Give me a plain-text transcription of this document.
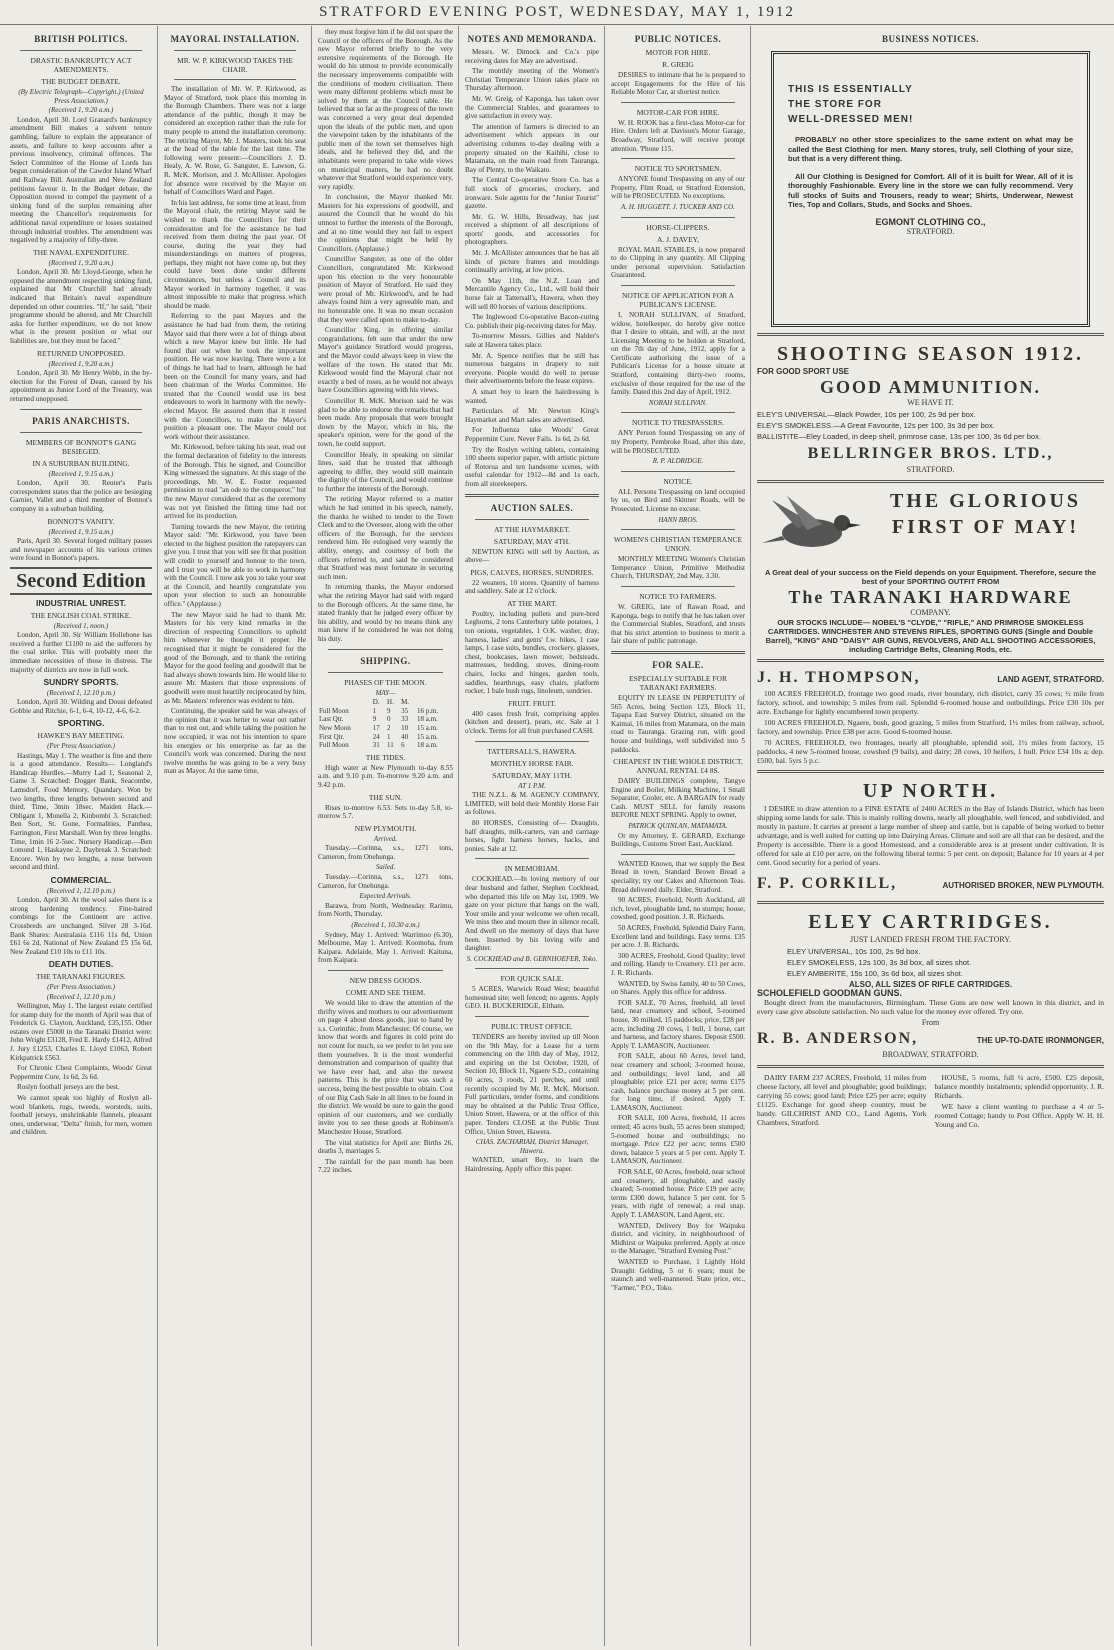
STRATFORD EVENING POST, WEDNESDAY, MAY 1, 1912
BRITISH POLITICS.
DRASTIC BANKRUPTCY ACT AMENDMENTS.
THE BUDGET DEBATE.
(By Electric Telegraph—Copyright.) (United Press Association.)
(Received 1, 9.20 a.m.)
London, April 30. Lord Granard's bankruptcy amendment Bill makes a solvent tenure gambling, failure to explain the appearance of assets, and failure to keep accounts after a previous insolvency, criminal offences. The Select Committee of the House of Lords has begun consideration of the Cawdor Island Wharf and Railway Bill. Australian and New Zealand petitions favour it. In the Budget debate, the Opposition moved to compel the payment of a sinking fund of the surplus remaining after meeting the Chancellor's requirements for additional naval expenditure or losses sustained through industrial troubles. The amendment was negatived by a majority of fifty-three.
THE NAVAL EXPENDITURE.
(Received 1, 9.20 a.m.)
London, April 30. Mr Lloyd-George, when he opposed the amendment respecting sinking fund, explained that Mr Churchill had already indicated that Britain's naval expenditure depended on other countries. "If," he said, "their programme should be altered, and Mr Churchill asks for further expenditure, we do not know what is the present position or what our liabilities are, but they must be faced."
RETURNED UNOPPOSED.
(Received 1, 9.20 a.m.)
London, April 30. Mr Henry Webb, in the by-election for the Forest of Dean, caused by his appointment as Junior Lord of the Treasury, was returned unopposed.
PARIS ANARCHISTS.
MEMBERS OF BONNOT'S GANG BESIEGED.
IN A SUBURBAN BUILDING.
(Received 1, 9.15 a.m.)
London, April 30. Reuter's Paris correspondent states that the police are besieging Garnier, Vallet and a third member of Bonnot's company in a suburban building.
BONNOT'S VANITY.
(Received 1, 9.15 a.m.)
Paris, April 30. Several forged military passes and newspaper accounts of his various crimes were found in Bonnot's papers.
Second Edition
INDUSTRIAL UNREST.
THE ENGLISH COAL STRIKE.
(Received 1, noon.)
London, April 30. Sir William Hollebone has received a further £1100 to aid the sufferers by the coal strike. This will probably meet the immediate necessities of those in distress. The majority of districts are now in full work.
SUNDRY SPORTS.
(Received 1, 12.10 p.m.)
London, April 30. Wilding and Doust defeated Gobbie and Ritchie, 6-1, 6-4, 10-12, 4-6, 6-2.
SPORTING.
HAWKE'S BAY MEETING.
(Per Press Association.)
Hastings, May 1. The weather is fine and there is a good attendance. Results— Longland's Handicap Hurdles.—Murry Lad 1, Seasonal 2, Game 3. Scratched: Dogger Bank, Seacombe, Lamsdorf, Food Memory, Quandary. Won by two lengths, three lengths between second and third. Time, 3min 18sec. Maiden Hack.—Obligant 1, Monella 2, Kinbombi 3. Scratched: Ben Sort, St. Gone, Formalities, Panthea, Farrington, First Marshall. Won by three lengths. Time, 1min 16 2-5sec. Nursery Handicap.—Ben Lomond 1, Haskayne 2, Daybreak 3. Scratched: Encore. Won by two lengths, a nose between second and third.
COMMERCIAL.
(Received 1, 12.10 p.m.)
London, April 30. At the wool sales there is a strong hardening tendency. Fine-haired combings for the Continent are active. Crossbreds are unchanged. Silver 28 3-16d. Bank Shares: Australasia £116 11s 8d, Union £61 6s 2d, National of New Zealand £5 15s 6d, New Zealand £10 10s to £11 10s.
DEATH DUTIES.
THE TARANAKI FIGURES.
(Per Press Association.)
(Received 1, 12.10 p.m.)
Wellington, May 1. The largest estate certified for stamp duty for the month of April was that of Frederick G. Clayton, Auckland, £35,155. Other estates over £5000 in the Taranaki District were: John Wright £3128, Fred E. Hardy £1412, Alfred J. Jury £1253, Charles E. Lloyd £1063, Robert Kirkpatrick £563.
For Chronic Chest Complaints, Woods' Great Peppermint Cure, 1s 6d, 2s 6d.
Roslyn football jerseys are the best.
We cannot speak too highly of Roslyn all-wool blankets, rugs, tweeds, worsteds, suits, football jerseys, unshrinkable flannels, pleasant ones, underwear, "Delta" finish, for men, women and children.
MAYORAL INSTALLATION.
MR. W. P. KIRKWOOD TAKES THE CHAIR.
The installation of Mr. W. P. Kirkwood, as Mayor of Stratford, took place this morning in the Borough Chambers. There was not a large attendance of the public, though it may be considered an exception rather than the rule for many people to attend the installation ceremony. The retiring Mayor, Mr. J. Masters, took his seat at the head of the table for the last time. The following were present:—Councillors J. D. Healy, A. W. Rose, G. Sangster, E. Lawson, G. R. McK. Morison, and J. McAllister. Apologies for absence were received by the Mayor on behalf of Councillors Ward and Paget.
In his last address, for some time at least, from the Mayoral chair, the retiring Mayor said he wished to thank the Councillors for their consideration and for the assistance he had received from them during the past year. Of course, during the year they had misunderstandings on matters of progress, perhaps, they might not have come up, but they could have been done under different circumstances, but unless a Council and its Mayor worked in harmony together, it was almost impossible to make that progress which should be made.
Referring to the past Mayors and the assistance he had had from them, the retiring Mayor said that there were a lot of things about which a new Mayor knew but little. He had found that out when he took the important position. He was now leaving. There were a lot of things he had had to learn, although he had been on the Council for many years, and had been chairman of the Works Committee. He trusted that the Council would use its best endeavours to work in harmony with the newly-elected Mayor. He assured them that it rested with the Councillors, to make the Mayor's position a pleasant one. The Mayor could not work without their assistance.
Mr. Kirkwood, before taking his seat, read out the formal declaration of fidelity to the interests of the Borough. This he signed, and Councillor King witnessed the signature. At this stage of the proceedings, Mr. W. E. Foster requested permission to read "an ode to the conqueror," but the new Mayor considered that as the ceremony was not yet finished the fitting time had not arrived for its production.
Turning towards the new Mayor, the retiring Mayor said: "Mr. Kirkwood, you have been elected to the highest position the ratepayers can give you. I trust that you will see fit that position will credit to yourself and honour to the town, and I trust you will be able to work in harmony with the Council. I now ask you to take your seat at the Council, and heartily congratulate you upon your election to such an honourable office." (Applause.)
The new Mayor said he had to thank Mr. Masters for his very kind remarks in the direction of respecting Councillors to uphold him whenever he thought it proper. He recognised that it might be considered for the good of the Borough, and to thank the retiring Mayor for the good feeling and goodwill that he had always shown towards him. He would like to assure Mr. Masters that those expressions of goodwill were most heartily reciprocated by him, as Mr. Masters' reference was evident to him.
Continuing, the speaker said he was always of the opinion that it was better to wear out rather than to rust out, and while taking the position he now occupied, it was not his intention to spare his energies or his enterprise as far as the Council's work was concerned. During the next twelve months he was going to be a very busy man as Mayor. At the same time,
they must forgive him if he did not spare the Council or the officers of the Borough. As the new Mayor referred briefly to the very extensive requirements of the Borough. He would do his utmost to provide economically the necessary improvements compatible with the conditions of modern civilisation. There were many different problems which must be solved by them at the Council table. He believed that so far as the progress of the town was concerned a very great deal depended upon the ideals of the public men, and upon the viewpoint taken by the inhabitants of the public men of the town set themselves high ideals, and he believed they did, and the inhabitants were prepared to take wide views on municipal matters, he had no doubt whatever that Stratford would experience very, very rapidly.
In conclusion, the Mayor thanked Mr. Masters for his expressions of goodwill, and assured the Council that he would do his utmost to further the interests of the Borough, and at no time would they not fail to expect the opinions that might be held by Councillors. (Applause.)
Councillor Sangster, as one of the older Councillors, congratulated Mr. Kirkwood upon his election to the very honourable position of Mayor of Stratford. He said they were proud of Mr. Kirkwood's, and he had always found him a very agreeable man, and no honourable one. It was no mean occasion that they were called upon to make to-day.
Councillor King, in offering similar congratulations, felt sure that under the new Mayor's guidance Stratford would progress, and the Mayor could always keep in view the welfare of the town. He stated that Mr. Kirkwood would find the Mayoral chair not exactly a bed of roses, as he would not always have Councillors agreeing with his views.
Councillor R. McK. Morison said he was glad to be able to endorse the remarks that had been made. Any proposals that were brought down by the Mayor, which in his, the speaker's opinion, were for the good of the town, he could support.
Councillor Healy, in speaking on similar lines, said that he trusted that although agreeing to differ, they would still maintain the dignity of the Council, and would continue to further the interests of the Borough.
The retiring Mayor referred to a matter which he had omitted in his speech, namely, the thanks he wished to tender to the Town Clerk and to the Overseer, along with the other officers of the Borough, for the services rendered him. He eulogised very warmly the ability, energy, and courtesy of both the officers referred to, and said he considered that Stratford was most fortunate in securing such men.
In returning thanks, the Mayor endorsed what the retiring Mayor had said with regard to the Borough officers. At the same time, he stated frankly that he judged every officer by his ability, and would by no means think any man knew if he considered he was not doing his duty.
SHIPPING.
PHASES OF THE MOON.
MAY—
	D.	H.	M.	
Full Moon	1	9	35	16 p.m.
Last Qtr.	9	0	33	18 a.m.
New Moon	17	2	10	15 a.m.
First Qtr.	24	1	40	15 a.m.
Full Moon	31	11	6	18 a.m.
THE TIDES.
High water at New Plymouth to-day 8.55 a.m. and 9.10 p.m. To-morrow 9.20 a.m. and 9.42 p.m.
THE SUN.
Rises to-morrow 6.53. Sets to-day 5.8, to-morrow 5.7.
NEW PLYMOUTH.
Arrived.
Tuesday.—Corinna, s.s., 1271 tons, Cameron, from Onehunga.
Sailed.
Tuesday.—Corinna, s.s., 1271 tons, Cameron, for Onehunga.
Expected Arrivals.
Barawa, from North, Wednesday. Rarimu, from North, Thursday.
(Received 1, 10.30 a.m.)
Sydney, May 1. Arrived: Warrimoo (6.30), Melbourne, May 1. Arrived: Koomoba, from Kaipara. Adelaide, May 1. Arrived: Kaituna, from Kaipara.
NEW DRESS GOODS.
COME AND SEE THEM.
We would like to draw the attention of the thrifty wives and mothers to our advertisement on page 4 about dress goods, just to hand by s.s. Corinthic, from Manchester. Of course, we know that words and figures in cold print do not count for much, so we prefer to let you see them yourselves. It is the most wonderful demonstration and comparison of quality that we have ever had, and also the newest patterns. This is the price that was such a success, being the best possible to obtain. Cost of our Big Cash Sale in all lines to be found in the district. We would be sure to gain the good opinion of our customers, and we cordially invite you to see these goods at Robinson's Manchester House, Stratford.
The vital statistics for April are: Births 26, deaths 3, marriages 5.
The rainfall for the past month has been 7.22 inches.
NOTES AND MEMORANDA.
Messrs. W. Dimock and Co.'s pipe receiving dates for May are advertised.
The monthly meeting of the Women's Christian Temperance Union takes place on Thursday afternoon.
Mr. W. Greig, of Kaponga, has taken over the Commercial Stables, and guarantees to give satisfaction in every way.
The attention of farmers is directed to an advertisement which appears in our advertising columns to-day dealing with a property situated on the Kaihihi, close to Matamata, on the main road from Tauranga, Bay of Plenty, to the Waikato.
The Central Co-operative Store Co. has a full stock of groceries, crockery, and ironware. Sole agents for the "Junior Tourist" gazette.
Mr. G. W. Hills, Broadway, has just received a shipment of all descriptions of sports' goods, and accessories for photographers.
Mr. J. McAllister announces that he has all kinds of picture frames and mouldings continually arriving, at low prices.
On May 11th, the N.Z. Loan and Mercantile Agency Co., Ltd., will hold their horse fair at Tattersall's, Hawera, when they will sell 80 horses of various descriptions.
The Inglewood Co-operative Bacon-curing Co. publish their pig-receiving dates for May.
To-morrow Messrs. Gillies and Nalder's sale at Hawera takes place.
Mr. A. Spence notifies that he still has numerous bargains in drapery to suit everyone. People would do well to peruse their advertisements before the lease expires.
A smart boy to learn the hairdressing is wanted.
Particulars of Mr. Newton King's Haymarket and Mart sales are advertised.
For Influenza take Woods' Great Peppermint Cure. Never Fails. 1s 6d, 2s 6d.
Try the Roslyn writing tablets, containing 100 sheets superior paper, with artistic picture of Rotorua and ten handsome scenes, with useful calendar for 1912—8d and 1s each, from all storekeepers.
AUCTION SALES.
AT THE HAYMARKET.
SATURDAY, MAY 4TH.
NEWTON KING will sell by Auction, as above—
PIGS, CALVES, HORSES, SUNDRIES.
22 weaners, 10 stores. Quantity of harness and saddlery. Sale at 12 o'clock.
AT THE MART.
Poultry, including pullets and pure-bred Leghorns, 2 tons Canterbury table potatoes, 1 ton onions, vegetables, 1 O.K. washer, dray, harness, ladies' and gents' f.w. bikes, 1 case lamps, 1 case suits, bundles, crockery, glasses, chest, bookcases, lawn mower, bedsteads, mattresses, bedding, stoves, dining-room chairs, locks and hinges, garden tools, saddles, hearthrugs, easy chairs, platform rocker, 1 bale bush rugs, linoleum, sundries.
FRUIT. FRUIT.
400 cases fresh fruit, comprising apples (kitchen and dessert), pears, etc. Sale at 1 o'clock. Terms for all fruit purchased CASH.
TATTERSALL'S, HAWERA.
MONTHLY HORSE FAIR.
SATURDAY, MAY 11TH.
AT 1 P.M.
THE N.Z.L. & M. AGENCY COMPANY, LIMITED, will hold their Monthly Horse Fair as follows.
80 HORSES, Consisting of— Draughts, half draughts, milk-carters, van and carriage horses, light harness horses, hacks, and ponies. Sale at 12.
IN MEMORIAM.
COCKHEAD.—In loving memory of our dear husband and father, Stephen Cockhead, who departed this life on May 1st, 1909. We gaze on your picture that hangs on the wall, Your smile and your welcome we often recall, We miss thee and mourn thee in silence recall, And dwell on the memory of days that have been. Inserted by his loving wife and daughter.
S. COCKHEAD and B. GERNHOEFER, Toko.
FOR QUICK SALE.
5 ACRES, Warwick Road West; beautiful homestead site; well fenced; no agents. Apply GEO. H. BUCKERIDGE, Eltham.
PUBLIC TRUST OFFICE.
TENDERS are hereby invited up till Noon on the 9th May, for a Lease for a term commencing on the 10th day of May, 1912, and expiring on the 1st October, 1920, of Section 10, Block 11, Ngaere S.D., containing 60 acres, 3 roods, 21 perches, and until recently occupied by Mr. R. McK. Morison. Full particulars, tender forms, and conditions may be obtained at the Public Trust Office, Union Street, Hawera, or at the office of this paper. Tenders CLOSE at the Public Trust Office, Union Street, Hawera.
CHAS. ZACHARIAH, District Manager, Hawera.
WANTED, smart Boy, to learn the Hairdressing. Apply office this paper.
PUBLIC NOTICES.
MOTOR FOR HIRE.
R. GREIG
DESIRES to intimate that he is prepared to accept Engagements for the Hire of his Reliable Motor Car, at shortest notice.
MOTOR-CAR FOR HIRE.
W. H. ROOK has a first-class Motor-car for Hire. Orders left at Davison's Motor Garage, Broadway, Stratford, will receive prompt attention. 'Phone 115.
NOTICE TO SPORTSMEN.
ANYONE found Trespassing on any of our Property, Flint Road, or Stratford Extension, will be PROSECUTED. No exceptions.
A. H. HUGGETT. J. TUCKER AND CO.
HORSE-CLIPPERS.
A. J. DAVEY,
ROYAL MAIL STABLES, is now prepared to do Clipping in any quantity. All Clipping under personal supervision. Satisfaction Guaranteed.
NOTICE OF APPLICATION FOR A PUBLICAN'S LICENSE.
I, NORAH SULLIVAN, of Stratford, widow, hotelkeeper, do hereby give notice that I desire to obtain, and will, at the next Licensing Meeting to be holden at Stratford, on the 7th day of June, 1912, apply for a Certificate authorising the issue of a Publican's License for a house situate at Stratford, containing thirty-two rooms, exclusive of those required for the use of the family. Dated this 2nd day of April, 1912.
NORAH SULLIVAN.
NOTICE TO TRESPASSERS.
ANY Person found Trespassing on any of my Property, Pembroke Road, after this date, will be PROSECUTED.
R. P. ALDRIDGE.
NOTICE.
ALL Persons Trespassing on land occupied by us, on Bird and Skinner Roads, will be Prosecuted. License no excuse.
HANN BROS.
WOMEN'S CHRISTIAN TEMPERANCE UNION.
MONTHLY MEETING Women's Christian Temperance Union, Primitive Methodist Church, THURSDAY, 2nd May, 3.30.
NOTICE TO FARMERS.
W. GREIG, late of Rawan Road, and Kaponga, begs to notify that he has taken over the Commercial Stables, Stratford, and trusts that his strict attention to business to merit a fair share of public patronage.
FOR SALE.
ESPECIALLY SUITABLE FOR TARANAKI FARMERS.
EQUITY IN LEASE IN PERPETUITY of 565 Acres, being Section 123, Block 11, Tapapa East Survey District, situated on the Kaimai, 16 miles from Matamata, on the main road to Tauranga. Grazing run, with good house and buildings, well subdivided into 5 paddocks.
CHEAPEST IN THE WHOLE DISTRICT, ANNUAL RENTAL £4 8S.
DAIRY BUILDINGS complete, Tangye Engine and Boiler, Milking Machine, 1 Small Separator, Cooler, etc. A BARGAIN for ready Cash. MUST SELL for family reasons BEFORE NEXT SPRING. Apply to owner,
PATRICK QUINLAN, MATAMATA.
Or my Attorney, E. GERARD, Exchange Buildings, Customs Street East, Auckland.
WANTED Known, that we supply the Best Bread in town, Standard Brown Bread a speciality; try our Cakes and Afternoon Teas. Bread delivered daily. Elder, Stratford.
90 ACRES, Freehold, North Auckland, all rich, level, ploughable land, no stumps; house, cowshed, good position. J. R. Richards.
50 ACRES, Freehold, Splendid Dairy Farm, Excellent land and buildings. Easy terms. £35 per acre. J. B. Richards.
300 ACRES, Freehold, Good Quality; level and rolling. Handy to Creamery. £11 per acre. J. R. Richards.
WANTED, by Swiss family, 40 to 50 Cows, on Shares. Apply this office for address.
FOR SALE, 70 Acres, freehold, all level land, near creamery and school, 5-roomed house, 30 milked, 15 paddocks; price, £28 per acre, including 20 cows, 1 bull, 1 horse, cart and harness, and factory shares. Deposit £500. Apply T. LAMASON, Auctioneer.
FOR SALE, about 60 Acres, level land, near creamery and school; 3-roomed house, and outbuildings; level land, and all ploughable; price £21 per acre; terms £175 cash, balance purchase money at 5 per cent. for long time, if desired. Apply T. LAMASON, Auctioneer.
FOR SALE, 100 Acres, freehold, 11 acres rented; 45 acres bush, 55 acres been stumped; 5-roomed house and outbuildings; no mortgage. Price £22 per acre; terms £500 down, balance 5 years at 5 per cent. Apply T. LAMASON, Auctioneer.
FOR SALE, 60 Acres, freehold, near school and creamery, all ploughable, and easily cleared; 5-roomed house. Price £19 per acre; terms £300 down, balance 5 per cent. for 5 years, with right of renewal; a real snap. Apply T. LAMASON, Land Agent, etc.
WANTED, Delivery Boy for Waipuku district, and vicinity, in neighbourhood of Midhirst or Waipuku preferred. Apply at once to the Manager, "Stratford Evening Post."
WANTED to Purchase, 1 Lightly Hold Draught Gelding, 5 or 6 years; must be staunch and well-mannered. State price, etc., "Farmer," P.O., Toko.
BUSINESS NOTICES.
THIS IS ESSENTIALLY
THE STORE FOR
WELL-DRESSED MEN!
PROBABLY no other store specializes to the same extent on what may be called the Best Clothing for men. Many stores, truly, sell Clothing of your size, but that is a very different thing.
All Our Clothing is Designed for Comfort. All of it is built for Wear. All of it is thoroughly Fashionable. Every line in the store we can fully recommend. Very full stocks of Suits and Trousers, ready to wear; Shirts, Underwear, Newest Ties, Top and Collars, Studs, and Socks and Shoes.
EGMONT CLOTHING CO.,
STRATFORD.
SHOOTING SEASON 1912.
FOR GOOD SPORT USE
GOOD AMMUNITION.
WE HAVE IT.
ELEY'S UNIVERSAL—Black Powder, 10s per 100, 2s 9d per box.
ELEY'S SMOKELESS.—A Great Favourite, 12s per 100, 3s 3d per box.
BALLISTITE—Eley Loaded, in deep shell, primrose case, 13s per 100, 3s 6d per box.
BELLRINGER BROS. LTD.,
STRATFORD.
THE GLORIOUS
FIRST OF MAY!
A Great deal of your success on the Field depends on your Equipment. Therefore, secure the best of your SPORTING OUTFIT FROM
The TARANAKI HARDWARE
COMPANY.
OUR STOCKS INCLUDE— NOBEL'S "CLYDE," "RIFLE," AND PRIMROSE SMOKELESS CARTRIDGES. WINCHESTER AND STEVENS RIFLES, SPORTING GUNS (Single and Double Barrel), "KING" AND "DAISY" AIR GUNS, REVOLVERS, AND ALL SHOOTING ACCESSORIES, including Cartridge Belts, Cleaning Rods, etc.
J. H. THOMPSON,	LAND AGENT, STRATFORD.
100 ACRES FREEHOLD, frontage two good roads, river boundary, rich district, carry 35 cows; ½ mile from factory, school, and township; 5 miles from rail. Splendid 6-roomed house and outbuildings. Price £30 10s per acre. Exchange for lightly encumbered town property.
100 ACRES FREEHOLD, Ngaere, bush, good grazing, 5 miles from Stratford, 1½ miles from railway, school, factory, and township. Price £38 per acre. Good 6-roomed house.
70 ACRES, FREEHOLD, two frontages, nearly all ploughable, splendid soil, 1½ miles from factory, 15 paddocks, 4 new 5-roomed house, cowshed (9 bails), and dairy; 28 cows, 10 heifers, 1 bull. Price £34 10s a; dep. £500, bal. 5yrs 5 p.c.
UP NORTH.
I DESIRE to draw attention to a FINE ESTATE of 2400 ACRES in the Bay of Islands District, which has been shipping some lands for sale. This is mainly rolling downs, nearly all ploughable, well fenced, and subdivided, and mostly in pasture. It carries at present a large number of sheep and cattle, but is capable of being worked to better advantage, and is well suited for cutting up into Dairying Areas. Climate and soil are all that can be desired, and the Property is accessible. There is a good Homestead, and a considerable area is at present under cultivation. It is offered for sale at £10 per acre, on the following liberal terms: 5 per cent. on deposit; Balance for 10 years at 4 per cent. Good security for a period of years.
F. P. CORKILL,	AUTHORISED BROKER, NEW PLYMOUTH.
ELEY CARTRIDGES.
JUST LANDED FRESH FROM THE FACTORY.
ELEY UNIVERSAL, 10s 100, 2s 9d box.
ELEY SMOKELESS, 12s 100, 3s 3d box, all sizes shot.
ELEY AMBERITE, 15s 100, 3s 6d box, all sizes shot.
ALSO, ALL SIZES OF RIFLE CARTRIDGES.
SCHOLEFIELD GOODMAN GUNS.
Bought direct from the manufacturers, Birmingham. These Guns are now well known in this district, and in every case give absolute satisfaction. No such value for the money ever offered. Try one.
From
R. B. ANDERSON,	THE UP-TO-DATE IRONMONGER,
BROADWAY, STRATFORD.
DAIRY FARM 237 ACRES, Freehold, 11 miles from cheese factory, all level and ploughable; good buildings; carrying 55 cows; good land; Price £25 per acre; equity £1125. Exchange for good sheep country, must be handy. GILCHRIST AND CO., Land Agents, York Chambers, Stratford.
HOUSE, 5 rooms, full ¼ acre, £500. £25 deposit, balance monthly instalments; splendid opportunity. J. R. Richards.
WE have a client wanting to purchase a 4 or 5-roomed Cottage; handy to Post Office. Apply W. H. H. Young and Co.
